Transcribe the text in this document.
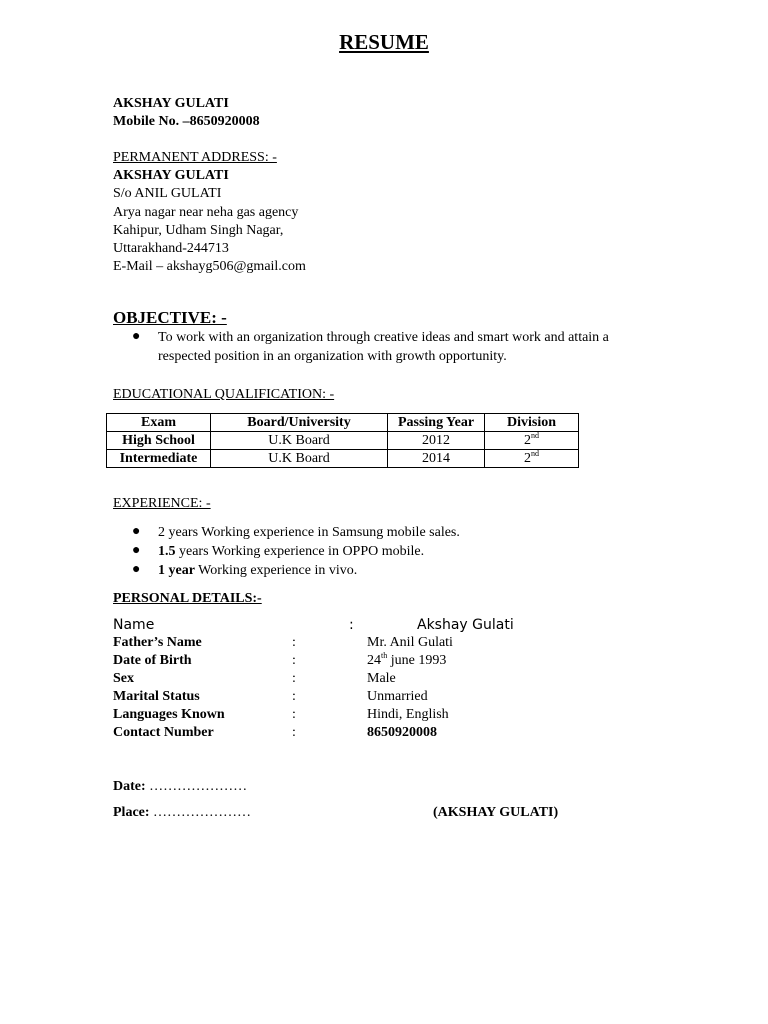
RESUME
AKSHAY GULATI
Mobile No. –8650920008
PERMANENT ADDRESS: -
AKSHAY GULATI
S/o ANIL GULATI
Arya nagar near neha gas agency
Kahipur, Udham Singh Nagar,
Uttarakhand-244713
E-Mail – akshayg506@gmail.com
OBJECTIVE: -
● To work with an organization through creative ideas and smart work and attain a
respected position in an organization with growth opportunity.
EDUCATIONAL QUALIFICATION: -
Exam	Board/University	Passing Year	Division
High School	U.K Board	2012	2nd
Intermediate	U.K Board	2014	2nd
EXPERIENCE: -
● 2 years Working experience in Samsung mobile sales.
● 1.5 years Working experience in OPPO mobile.
● 1 year Working experience in vivo.
PERSONAL DETAILS:-
Name	:	Akshay Gulati
Father’s Name	:	Mr. Anil Gulati
Date of Birth	:	24th june 1993
Sex	:	Male
Marital Status	:	Unmarried
Languages Known	:	Hindi, English
Contact Number	:	8650920008
Date: …………………
Place: …………………	(AKSHAY GULATI)
